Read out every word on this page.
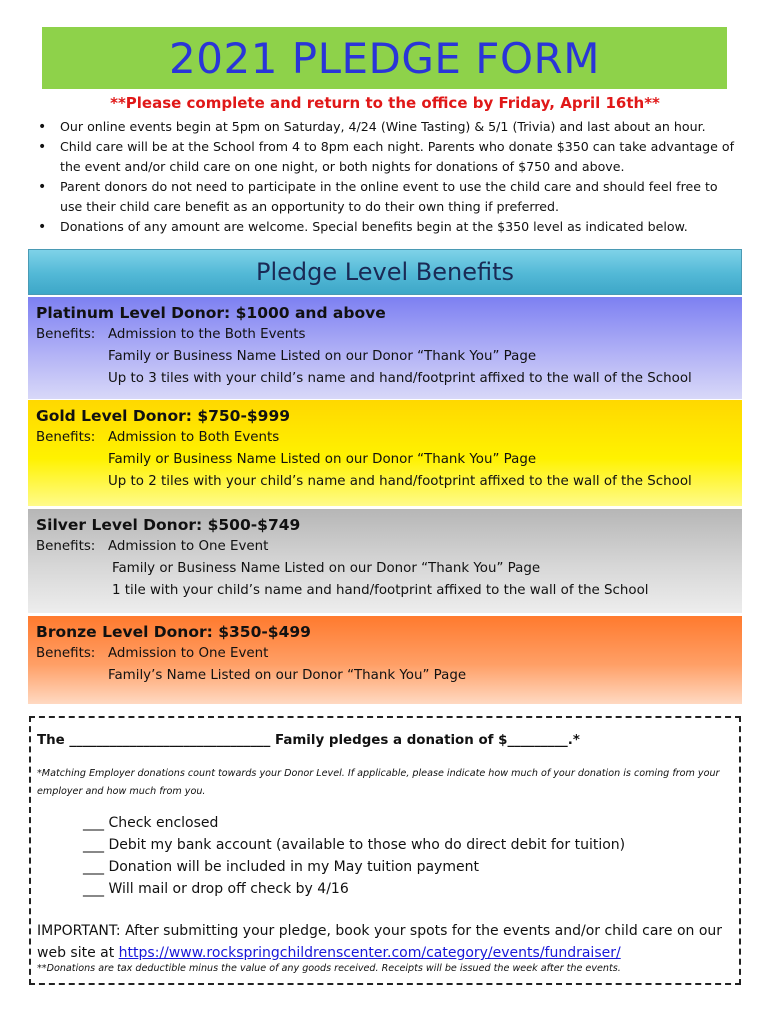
2021 PLEDGE FORM
**Please complete and return to the office by Friday, April 16th**
• Our online events begin at 5pm on Saturday, 4/24 (Wine Tasting) & 5/1 (Trivia) and last about an hour.
• Child care will be at the School from 4 to 8pm each night. Parents who donate $350 can take advantage of the event and/or child care on one night, or both nights for donations of $750 and above.
• Parent donors do not need to participate in the online event to use the child care and should feel free to use their child care benefit as an opportunity to do their own thing if preferred.
• Donations of any amount are welcome. Special benefits begin at the $350 level as indicated below.
Pledge Level Benefits
Platinum Level Donor: $1000 and above
Benefits: Admission to the Both Events
Family or Business Name Listed on our Donor “Thank You” Page
Up to 3 tiles with your child’s name and hand/footprint affixed to the wall of the School
Gold Level Donor: $750-$999
Benefits: Admission to Both Events
Family or Business Name Listed on our Donor “Thank You” Page
Up to 2 tiles with your child’s name and hand/footprint affixed to the wall of the School
Silver Level Donor: $500-$749
Benefits: Admission to One Event
Family or Business Name Listed on our Donor “Thank You” Page
1 tile with your child’s name and hand/footprint affixed to the wall of the School
Bronze Level Donor: $350-$499
Benefits: Admission to One Event
Family’s Name Listed on our Donor “Thank You” Page
The ______________________________ Family pledges a donation of $_________.*
*Matching Employer donations count towards your Donor Level. If applicable, please indicate how much of your donation is coming from your employer and how much from you.
___ Check enclosed
___ Debit my bank account (available to those who do direct debit for tuition)
___ Donation will be included in my May tuition payment
___ Will mail or drop off check by 4/16
IMPORTANT: After submitting your pledge, book your spots for the events and/or child care on our web site at https://www.rockspringchildrenscenter.com/category/events/fundraiser/
**Donations are tax deductible minus the value of any goods received. Receipts will be issued the week after the events.
